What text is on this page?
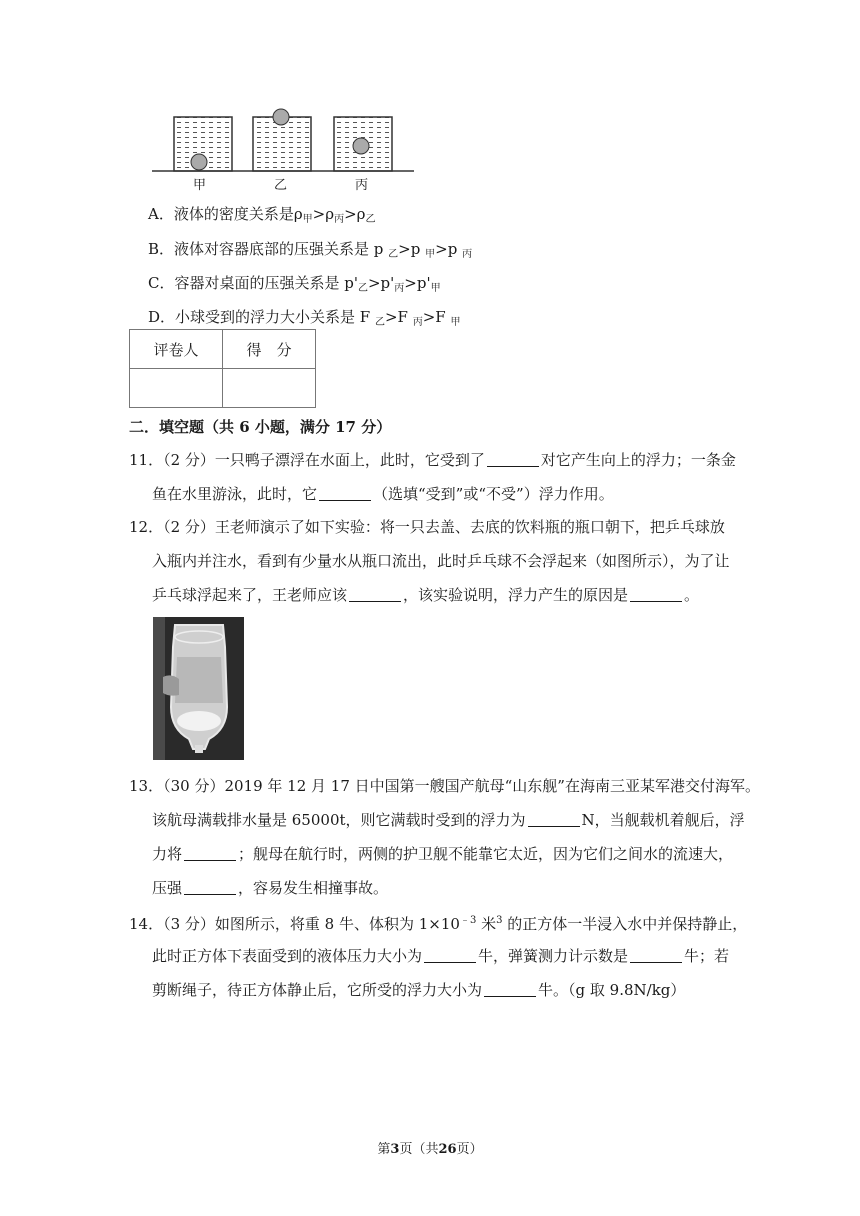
甲	乙	丙
A．液体的密度关系是$\rho_甲>\rho_丙>\rho_乙$
B．液体对容器底部的压强关系是 p $_乙$>p $_甲$>p $_丙$
C．容器对桌面的压强关系是 $p'_乙>p'_丙>p'_甲$
D．小球受到的浮力大小关系是 F $_乙$>F $_丙$>F $_甲$
评卷人	得　分

二．填空题（共 6 小题，满分 17 分）
11．（2 分）一只鸭子漂浮在水面上，此时，它受到了	对它产生向上的浮力；一条金
鱼在水里游泳，此时，它	（选填“受到”或“不受”）浮力作用。
12．（2 分）王老师演示了如下实验：将一只去盖、去底的饮料瓶的瓶口朝下，把乒乓球放
入瓶内并注水，看到有少量水从瓶口流出，此时乒乓球不会浮起来（如图所示），为了让
乒乓球浮起来了，王老师应该	，该实验说明，浮力产生的原因是	。
13．（30 分）2019 年 12 月 17 日中国第一艘国产航母“山东舰”在海南三亚某军港交付海军。
该航母满载排水量是 65000t，则它满载时受到的浮力为	N，当舰载机着舰后，浮
力将	；舰母在航行时，两侧的护卫舰不能靠它太近，因为它们之间水的流速大，
压强	，容易发生相撞事故。
14．（3 分）如图所示，将重 8 牛、体积为 $1\times 10^{﹣3}$ 米$^3$ 的正方体一半浸入水中并保持静止，
此时正方体下表面受到的液体压力大小为	牛，弹簧测力计示数是	牛；若
剪断绳子，待正方体静止后，它所受的浮力大小为	牛。（g 取 9.8N/kg）
第3页（共26页）
